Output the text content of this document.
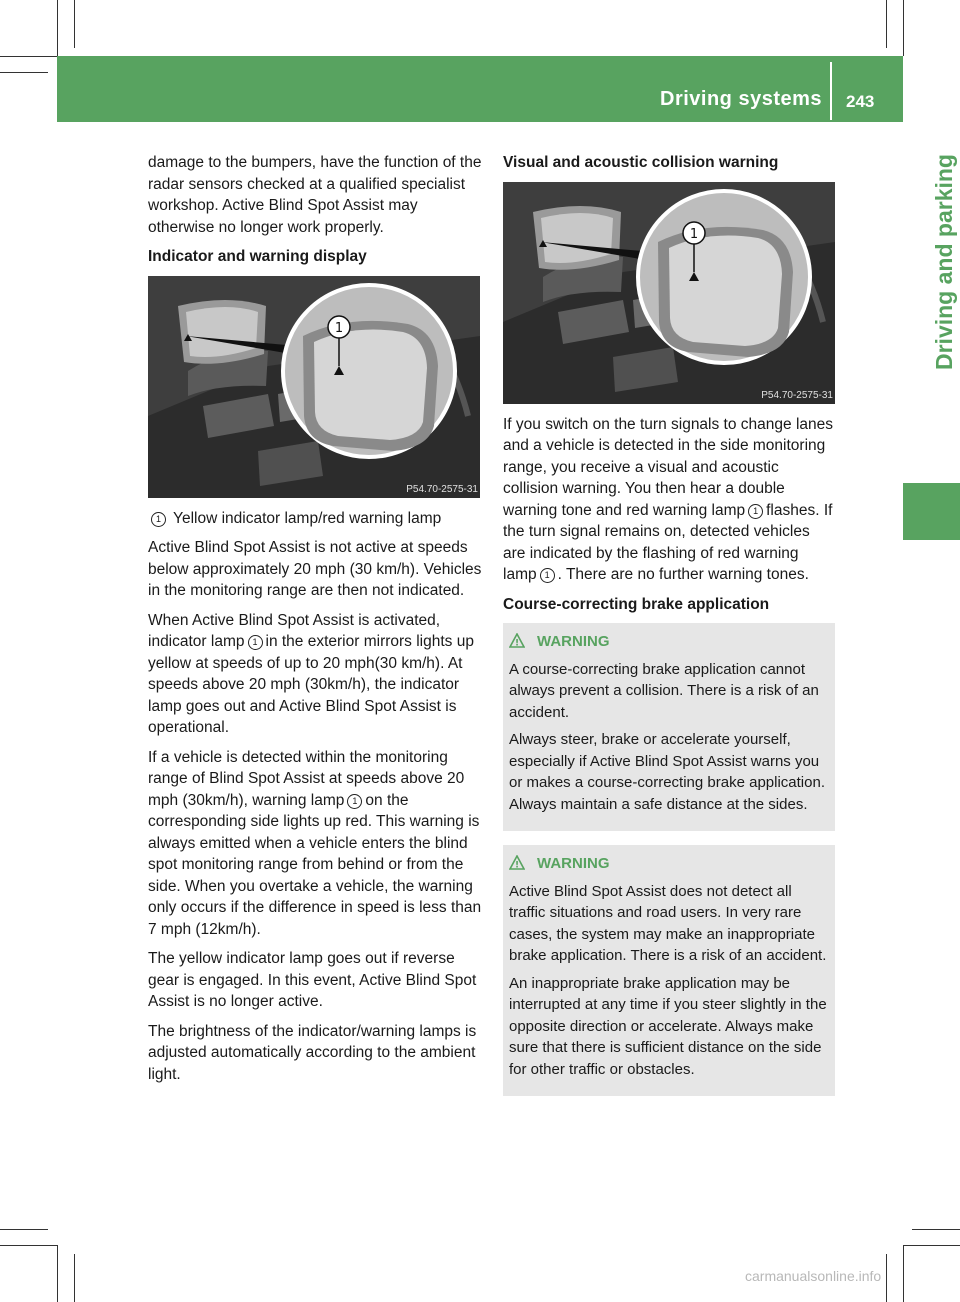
Driving systems 243
Driving and parking

damage to the bumpers, have the function of the radar sensors checked at a qualified specialist workshop. Active Blind Spot Assist may otherwise no longer work properly.

Indicator and warning display
1
P54.70-2575-31
1 Yellow indicator lamp/red warning lamp

Active Blind Spot Assist is not active at speeds below approximately 20 mph (30 km/h). Vehicles in the monitoring range are then not indicated.

When Active Blind Spot Assist is activated, indicator lamp 1 in the exterior mirrors lights up yellow at speeds of up to 20 mph(30 km/h). At speeds above 20 mph (30km/h), the indicator lamp goes out and Active Blind Spot Assist is operational.

If a vehicle is detected within the monitoring range of Blind Spot Assist at speeds above 20 mph (30km/h), warning lamp 1 on the corresponding side lights up red. This warning is always emitted when a vehicle enters the blind spot monitoring range from behind or from the side. When you overtake a vehicle, the warning only occurs if the difference in speed is less than 7 mph (12km/h).

The yellow indicator lamp goes out if reverse gear is engaged. In this event, Active Blind Spot Assist is no longer active.

The brightness of the indicator/warning lamps is adjusted automatically according to the ambient light.

Visual and acoustic collision warning
1
P54.70-2575-31

If you switch on the turn signals to change lanes and a vehicle is detected in the side monitoring range, you receive a visual and acoustic collision warning. You then hear a double warning tone and red warning lamp 1 flashes. If the turn signal remains on, detected vehicles are indicated by the flashing of red warning lamp 1 . There are no further warning tones.

Course-correcting brake application
! WARNING

A course-correcting brake application cannot always prevent a collision. There is a risk of an accident.

Always steer, brake or accelerate yourself, especially if Active Blind Spot Assist warns you or makes a course-correcting brake application. Always maintain a safe distance at the sides.

! WARNING

Active Blind Spot Assist does not detect all traffic situations and road users. In very rare cases, the system may make an inappropriate brake application. There is a risk of an accident.

An inappropriate brake application may be interrupted at any time if you steer slightly in the opposite direction or accelerate. Always make sure that there is sufficient distance on the side for other traffic or obstacles.

carmanualsonline.info
